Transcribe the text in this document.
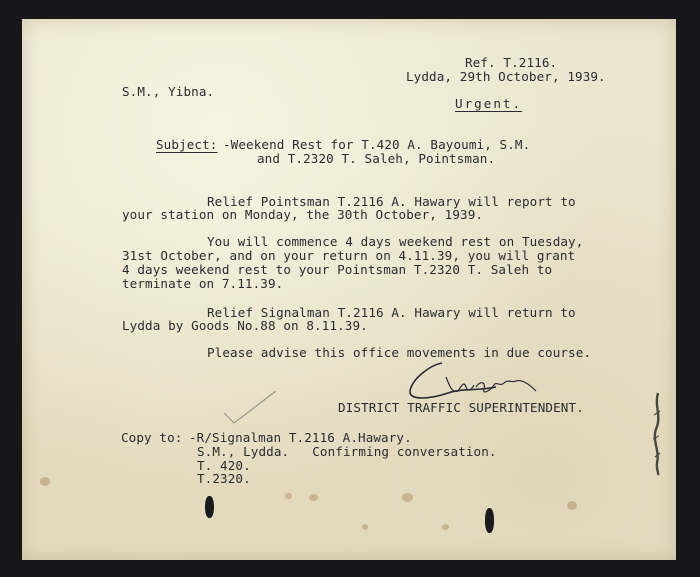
Ref. T.2116.
Lydda, 29th October, 1939.
S.M., Yibna.
Urgent.
Subject: -Weekend Rest for T.420 A. Bayoumi, S.M.
and T.2320 T. Saleh, Pointsman.
Relief Pointsman T.2116 A. Hawary will report to
your station on Monday, the 30th October, 1939.
You will commence 4 days weekend rest on Tuesday,
31st October, and on your return on 4.11.39, you will grant
4 days weekend rest to your Pointsman T.2320 T. Saleh to
terminate on 7.11.39.
Relief Signalman T.2116 A. Hawary will return to
Lydda by Goods No.88 on 8.11.39.
Please advise this office movements in due course.
DISTRICT TRAFFIC SUPERINTENDENT.
Copy to: -R/Signalman T.2116 A.Hawary.
S.M., Lydda.   Confirming conversation.
T. 420.
T.2320.
